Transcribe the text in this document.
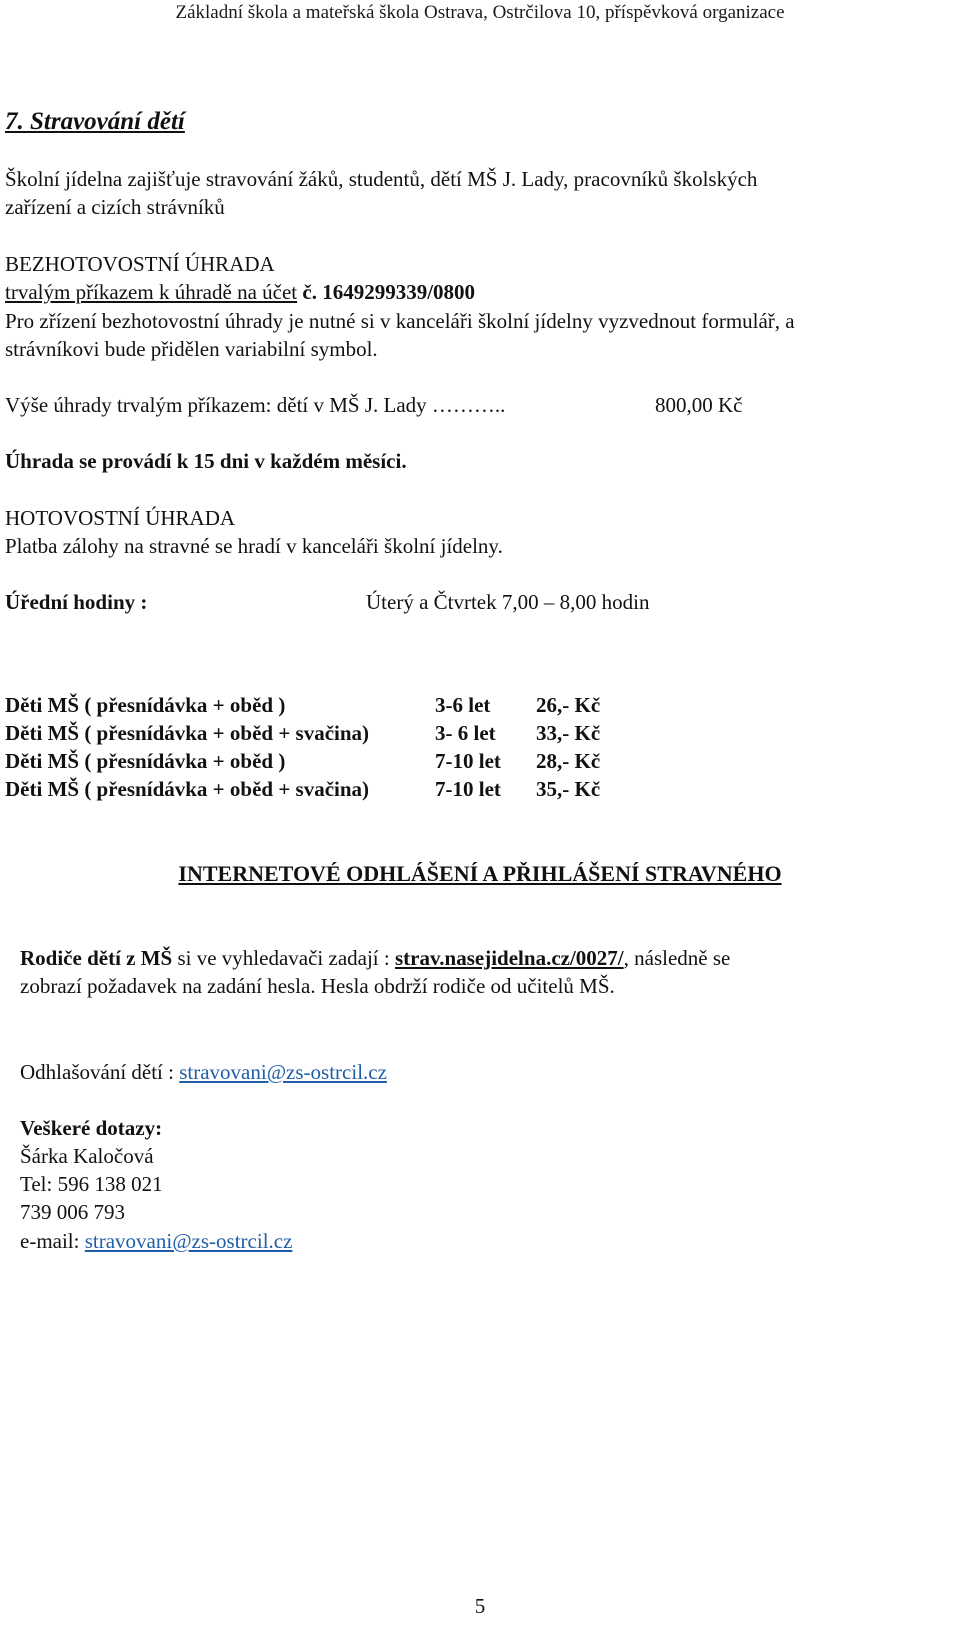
Základní škola a mateřská škola Ostrava, Ostrčilova 10, příspěvková organizace
7. Stravování dětí
Školní jídelna zajišťuje stravování žáků, studentů, dětí MŠ J. Lady, pracovníků školských
zařízení a cizích strávníků
BEZHOTOVOSTNÍ ÚHRADA
trvalým příkazem k úhradě na účet č. 1649299339/0800
Pro zřízení bezhotovostní úhrady je nutné si v kanceláři školní jídelny vyzvednout formulář, a
strávníkovi bude přidělen variabilní symbol.
Výše úhrady trvalým příkazem: dětí v MŠ J. Lady ………..	800,00 Kč
Úhrada se provádí k 15 dni v každém měsíci.
HOTOVOSTNÍ ÚHRADA
Platba zálohy na stravné se hradí v kanceláři školní jídelny.
Úřední hodiny :	Úterý a Čtvrtek 7,00 – 8,00 hodin
Děti MŠ ( přesnídávka + oběd )	3-6 let 26,- Kč
Děti MŠ ( přesnídávka + oběd + svačina)	3- 6 let 33,- Kč
Děti MŠ ( přesnídávka + oběd )	7-10 let 28,- Kč
Děti MŠ ( přesnídávka + oběd + svačina)	7-10 let 35,- Kč
INTERNETOVÉ ODHLÁŠENÍ A PŘIHLÁŠENÍ STRAVNÉHO
Rodiče dětí z MŠ si ve vyhledavači zadají : strav.nasejidelna.cz/0027/, následně se
zobrazí požadavek na zadání hesla. Hesla obdrží rodiče od učitelů MŠ.
Odhlašování dětí : stravovani@zs-ostrcil.cz
Veškeré dotazy:
Šárka Kaločová
Tel: 596 138 021
739 006 793
e-mail: stravovani@zs-ostrcil.cz
5
